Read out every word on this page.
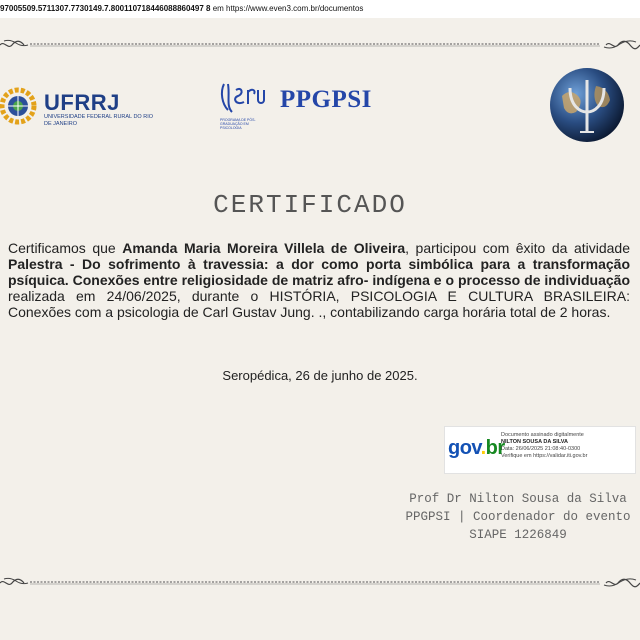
97005509.5711307.7730149.7.800110718446088860497 8 em https://www.even3.com.br/documentos
UFRRJ
UNIVERSIDADE FEDERAL RURAL DO RIO DE JANEIRO
PROGRAMA DE PÓS-GRADUAÇÃO EM PSICOLOGIA
PPGPSI
CERTIFICADO
Certificamos que Amanda Maria Moreira Villela de Oliveira, participou com êxito da atividade Palestra - Do sofrimento à travessia: a dor como porta simbólica para a transformação psíquica. Conexões entre religiosidade de matriz afro- indígena e o processo de individuação realizada em 24/06/2025, durante o HISTÓRIA, PSICOLOGIA E CULTURA BRASILEIRA: Conexões com a psicologia de Carl Gustav Jung. ., contabilizando carga horária total de 2 horas.
Seropédica, 26 de junho de 2025.
gov.br
Documento assinado digitalmente
NILTON SOUSA DA SILVA
Data: 26/06/2025 21:08:40-0300
Verifique em https://validar.iti.gov.br
Prof Dr Nilton Sousa da Silva
PPGPSI | Coordenador do evento
SIAPE 1226849
